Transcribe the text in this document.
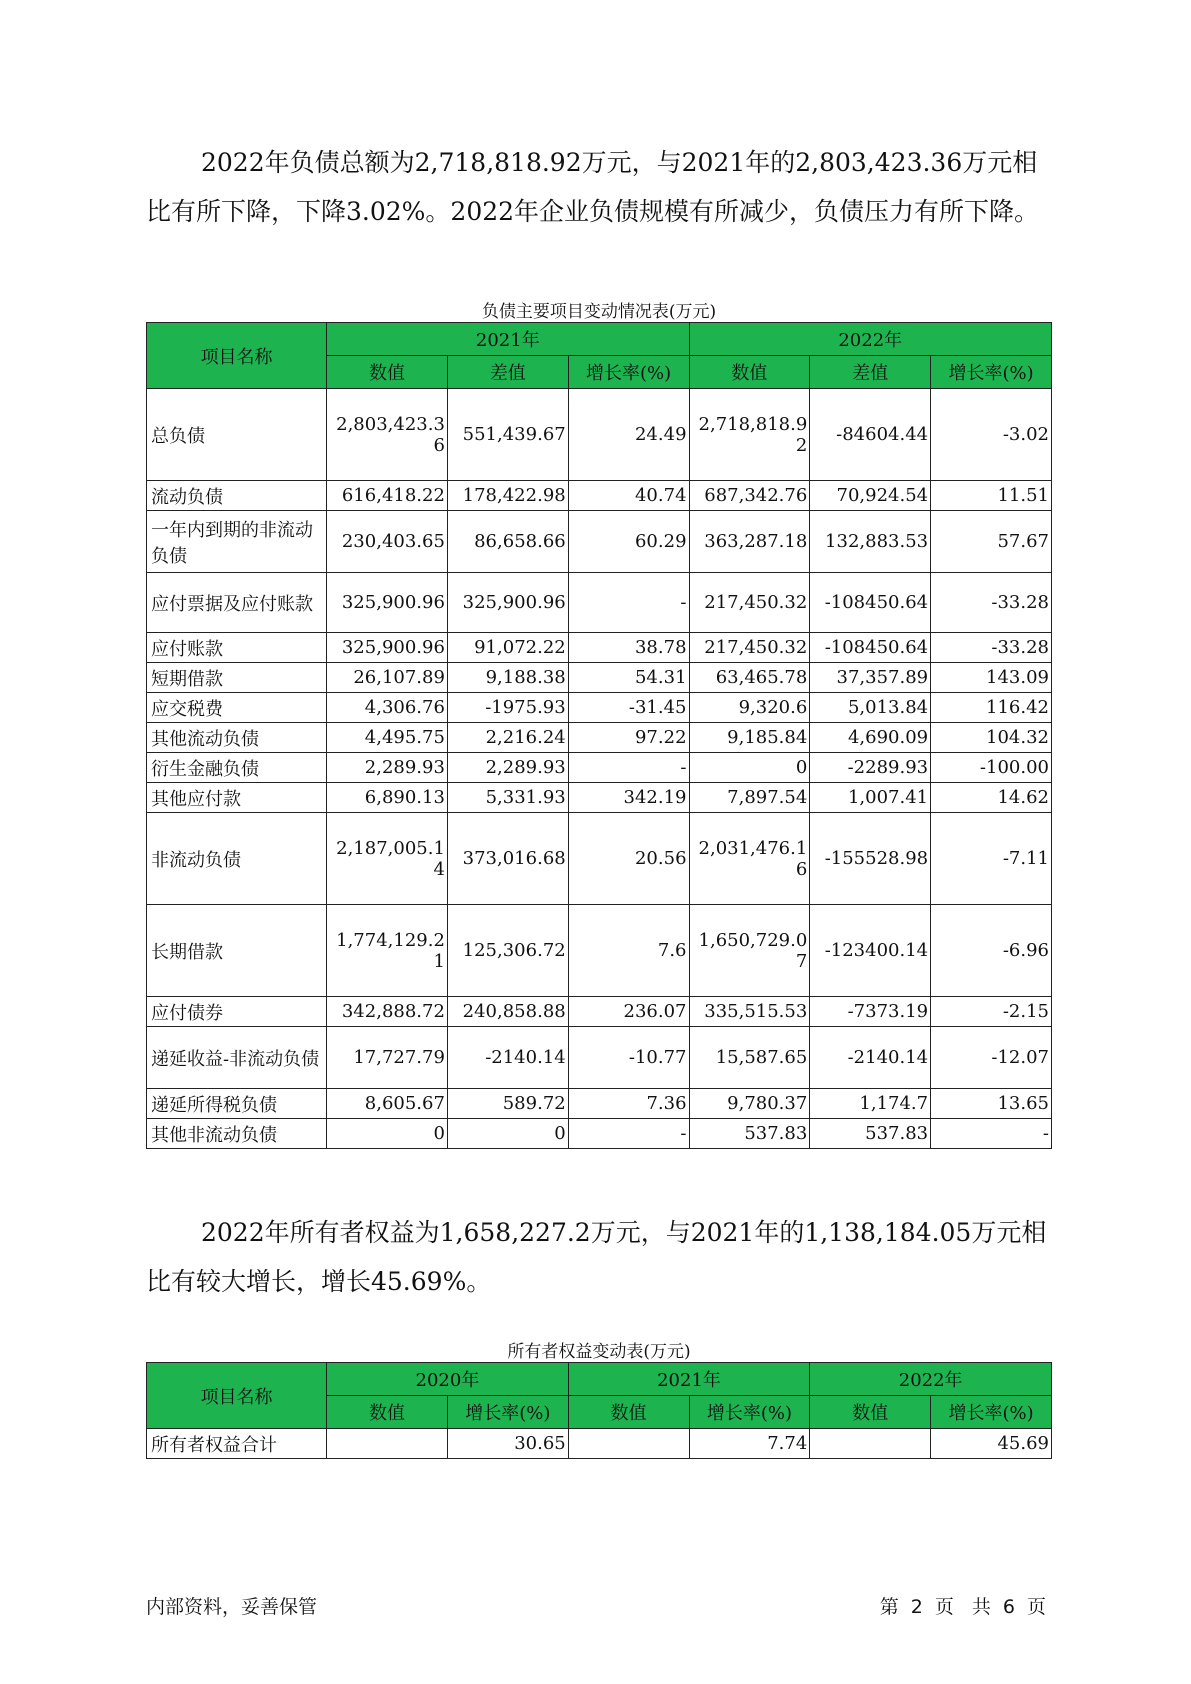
2022年负债总额为2,718,818.92万元，与2021年的2,803,423.36万元相比有所下降，下降3.02%。2022年企业负债规模有所减少，负债压力有所下降。

负债主要项目变动情况表(万元)
项目名称	2021年			2022年		
	数值	差值	增长率(%)	数值	差值	增长率(%)
总负债	2,803,423.36	551,439.67	24.49	2,718,818.92	-84604.44	-3.02
流动负债	616,418.22	178,422.98	40.74	687,342.76	70,924.54	11.51
一年内到期的非流动负债	230,403.65	86,658.66	60.29	363,287.18	132,883.53	57.67
应付票据及应付账款	325,900.96	325,900.96	-	217,450.32	-108450.64	-33.28
应付账款	325,900.96	91,072.22	38.78	217,450.32	-108450.64	-33.28
短期借款	26,107.89	9,188.38	54.31	63,465.78	37,357.89	143.09
应交税费	4,306.76	-1975.93	-31.45	9,320.6	5,013.84	116.42
其他流动负债	4,495.75	2,216.24	97.22	9,185.84	4,690.09	104.32
衍生金融负债	2,289.93	2,289.93	-	0	-2289.93	-100.00
其他应付款	6,890.13	5,331.93	342.19	7,897.54	1,007.41	14.62
非流动负债	2,187,005.14	373,016.68	20.56	2,031,476.16	-155528.98	-7.11
长期借款	1,774,129.21	125,306.72	7.6	1,650,729.07	-123400.14	-6.96
应付债券	342,888.72	240,858.88	236.07	335,515.53	-7373.19	-2.15
递延收益-非流动负债	17,727.79	-2140.14	-10.77	15,587.65	-2140.14	-12.07
递延所得税负债	8,605.67	589.72	7.36	9,780.37	1,174.7	13.65
其他非流动负债	0	0	-	537.83	537.83	-

2022年所有者权益为1,658,227.2万元，与2021年的1,138,184.05万元相比有较大增长，增长45.69%。

所有者权益变动表(万元)
项目名称	2020年		2021年		2022年	
	数值	增长率(%)	数值	增长率(%)	数值	增长率(%)
所有者权益合计		30.65		7.74		45.69
内部资料，妥善保管	第 2 页 共 6 页
